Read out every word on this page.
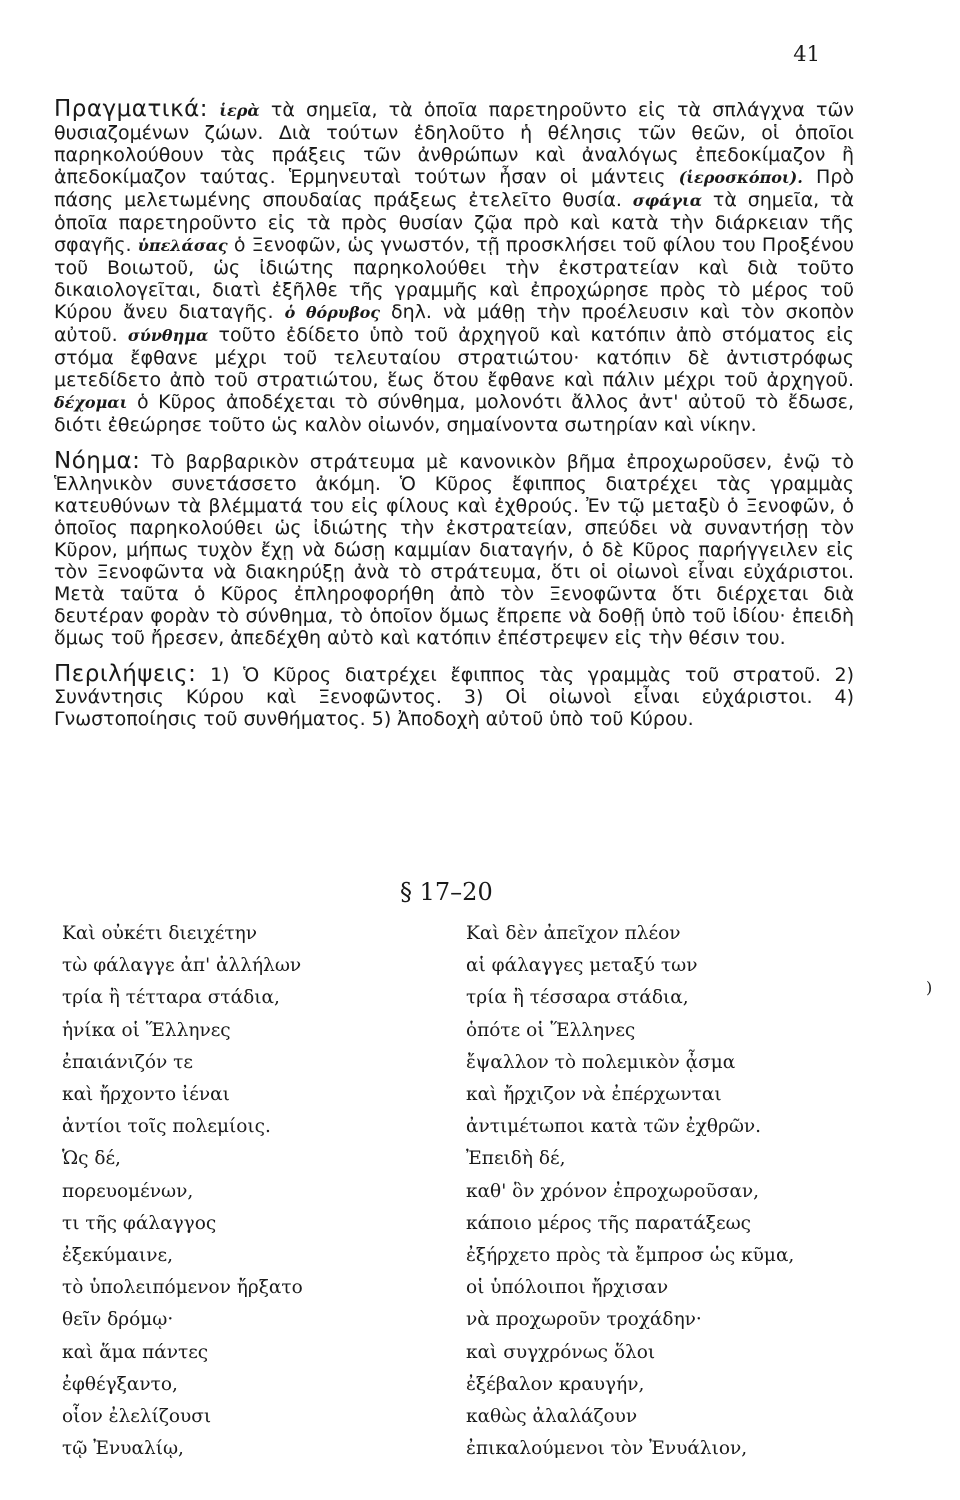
41

Πραγματικά: ἱερὰ τὰ σημεῖα, τὰ ὁποῖα παρετηροῦντο εἰς τὰ σπλάγχνα τῶν θυσιαζομένων ζώων. Διὰ τούτων ἐδηλοῦτο ἡ θέλησις τῶν θεῶν, οἱ ὁποῖοι παρηκολούθουν τὰς πράξεις τῶν ἀνθρώπων καὶ ἀναλόγως ἐπεδοκίμαζον ἢ ἀπεδοκίμαζον ταύτας. Ἑρμηνευταὶ τούτων ἦσαν οἱ μάντεις (ἱεροσκόποι). Πρὸ πάσης μελετωμένης σπουδαίας πράξεως ἐτελεῖτο θυσία. σφάγια τὰ σημεῖα, τὰ ὁποῖα παρετηροῦντο εἰς τὰ πρὸς θυσίαν ζῷα πρὸ καὶ κατὰ τὴν διάρκειαν τῆς σφαγῆς. ὑπελάσας ὁ Ξενοφῶν, ὡς γνωστόν, τῇ προσκλήσει τοῦ φίλου του Προξένου τοῦ Βοιωτοῦ, ὡς ἰδιώτης παρηκολούθει τὴν ἐκστρατείαν καὶ διὰ τοῦτο δικαιολογεῖται, διατὶ ἐξῆλθε τῆς γραμμῆς καὶ ἐπροχώρησε πρὸς τὸ μέρος τοῦ Κύρου ἄνευ διαταγῆς. ὁ θόρυβος δηλ. νὰ μάθῃ τὴν προέλευσιν καὶ τὸν σκοπὸν αὐτοῦ. σύνθημα τοῦτο ἐδίδετο ὑπὸ τοῦ ἀρχηγοῦ καὶ κατόπιν ἀπὸ στόματος εἰς στόμα ἔφθανε μέχρι τοῦ τελευταίου στρατιώτου· κατόπιν δὲ ἀντιστρόφως μετεδίδετο ἀπὸ τοῦ στρατιώτου, ἕως ὅτου ἔφθανε καὶ πάλιν μέχρι τοῦ ἀρχηγοῦ. δέχομαι ὁ Κῦρος ἀποδέχεται τὸ σύνθημα, μολονότι ἄλλος ἀντ' αὐτοῦ τὸ ἔδωσε, διότι ἐθεώρησε τοῦτο ὡς καλὸν οἰωνόν, σημαίνοντα σωτηρίαν καὶ νίκην.

Νόημα: Τὸ βαρβαρικὸν στράτευμα μὲ κανονικὸν βῆμα ἐπροχωροῦσεν, ἐνῷ τὸ Ἑλληνικὸν συνετάσσετο ἀκόμη. Ὁ Κῦρος ἔφιππος διατρέχει τὰς γραμμὰς κατευθύνων τὰ βλέμματά του εἰς φίλους καὶ ἐχθρούς. Ἐν τῷ μεταξὺ ὁ Ξενοφῶν, ὁ ὁποῖος παρηκολούθει ὡς ἰδιώτης τὴν ἐκστρατείαν, σπεύδει νὰ συναντήσῃ τὸν Κῦρον, μήπως τυχὸν ἔχῃ νὰ δώσῃ καμμίαν διαταγήν, ὁ δὲ Κῦρος παρήγγειλεν εἰς τὸν Ξενοφῶντα νὰ διακηρύξῃ ἀνὰ τὸ στράτευμα, ὅτι οἱ οἰωνοὶ εἶναι εὐχάριστοι. Μετὰ ταῦτα ὁ Κῦρος ἐπληροφορήθη ἀπὸ τὸν Ξενοφῶντα ὅτι διέρχεται διὰ δευτέραν φορὰν τὸ σύνθημα, τὸ ὁποῖον ὅμως ἔπρεπε νὰ δοθῇ ὑπὸ τοῦ ἰδίου· ἐπειδὴ ὅμως τοῦ ἤρεσεν, ἀπεδέχθη αὐτὸ καὶ κατόπιν ἐπέστρεψεν εἰς τὴν θέσιν του.

Περιλήψεις: 1) Ὁ Κῦρος διατρέχει ἔφιππος τὰς γραμμὰς τοῦ στρατοῦ. 2) Συνάντησις Κύρου καὶ Ξενοφῶντος. 3) Οἱ οἰωνοὶ εἶναι εὐχάριστοι. 4) Γνωστοποίησις τοῦ συνθήματος. 5) Ἀποδοχὴ αὐτοῦ ὑπὸ τοῦ Κύρου.

§ 17–20
Καὶ οὐκέτι διειχέτην
τὼ φάλαγγε ἀπ' ἀλλήλων
τρία ἢ τέτταρα στάδια,
ἡνίκα οἱ Ἕλληνες
ἐπαιάνιζόν τε
καὶ ἤρχοντο ἰέναι
ἀντίοι τοῖς πολεμίοις.
Ὡς δέ,
πορευομένων,
τι τῆς φάλαγγος
ἐξεκύμαινε,
τὸ ὑπολειπόμενον ἤρξατο
θεῖν δρόμῳ·
καὶ ἅμα πάντες
ἐφθέγξαντο,
οἷον ἐλελίζουσι
τῷ Ἐνυαλίῳ,
Καὶ δὲν ἀπεῖχον πλέον
αἱ φάλαγγες μεταξύ των
τρία ἢ τέσσαρα στάδια,
ὁπότε οἱ Ἕλληνες
ἔψαλλον τὸ πολεμικὸν ᾆσμα
καὶ ἤρχιζον νὰ ἐπέρχωνται
ἀντιμέτωποι κατὰ τῶν ἐχθρῶν.
Ἐπειδὴ δέ,
καθ' ὃν χρόνον ἐπροχωροῦσαν,
κάποιο μέρος τῆς παρατάξεως
ἐξήρχετο πρὸς τὰ ἔμπροσ ὡς κῦμα,
οἱ ὑπόλοιποι ἤρχισαν
νὰ προχωροῦν τροχάδην·
καὶ συγχρόνως ὅλοι
ἐξέβαλον κραυγήν,
καθὼς ἀλαλάζουν
ἐπικαλούμενοι τὸν Ἐνυάλιον,
)
